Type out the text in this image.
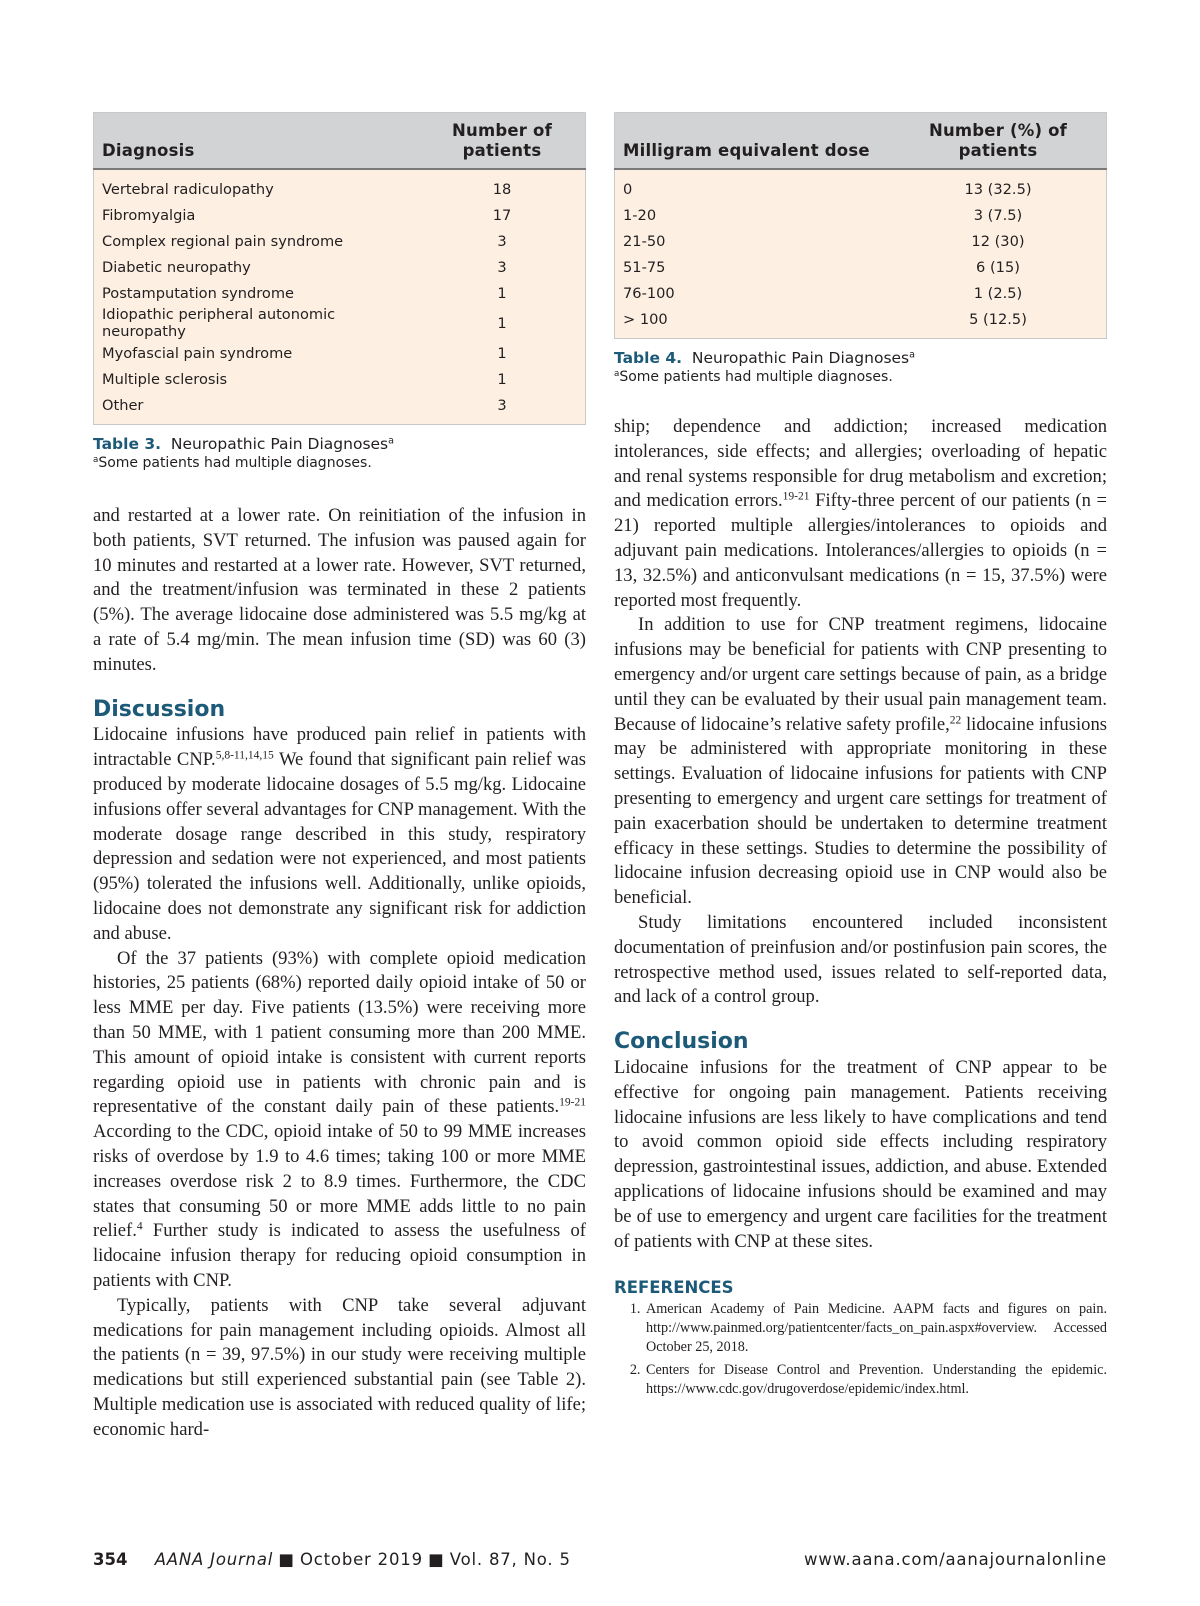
Diagnosis	Number of patients
Vertebral radiculopathy	18
Fibromyalgia	17
Complex regional pain syndrome	3
Diabetic neuropathy	3
Postamputation syndrome	1
Idiopathic peripheral autonomic neuropathy	1
Myofascial pain syndrome	1
Multiple sclerosis	1
Other	3
Table 3. Neuropathic Pain Diagnoses$^a$
$^a$Some patients had multiple diagnoses.

and restarted at a lower rate. On reinitiation of the infusion in both patients, SVT returned. The infusion was paused again for 10 minutes and restarted at a lower rate. However, SVT returned, and the treatment/infusion was terminated in these 2 patients (5%). The average lidocaine dose administered was 5.5 mg/kg at a rate of 5.4 mg/min. The mean infusion time (SD) was 60 (3) minutes.

Discussion

Lidocaine infusions have produced pain relief in patients with intractable CNP.$^{5,8-11,14,15}$ We found that significant pain relief was produced by moderate lidocaine dosages of 5.5 mg/kg. Lidocaine infusions offer several advantages for CNP management. With the moderate dosage range described in this study, respiratory depression and sedation were not experienced, and most patients (95%) tolerated the infusions well. Additionally, unlike opioids, lidocaine does not demonstrate any significant risk for addiction and abuse.

Of the 37 patients (93%) with complete opioid medication histories, 25 patients (68%) reported daily opioid intake of 50 or less MME per day. Five patients (13.5%) were receiving more than 50 MME, with 1 patient consuming more than 200 MME. This amount of opioid intake is consistent with current reports regarding opioid use in patients with chronic pain and is representative of the constant daily pain of these patients.$^{19-21}$ According to the CDC, opioid intake of 50 to 99 MME increases risks of overdose by 1.9 to 4.6 times; taking 100 or more MME increases overdose risk 2 to 8.9 times. Furthermore, the CDC states that consuming 50 or more MME adds little to no pain relief.$^4$ Further study is indicated to assess the usefulness of lidocaine infusion therapy for reducing opioid consumption in patients with CNP.

Typically, patients with CNP take several adjuvant medications for pain management including opioids. Almost all the patients (n = 39, 97.5%) in our study were receiving multiple medications but still experienced substantial pain (see Table 2). Multiple medication use is associated with reduced quality of life; economic hard-

Milligram equivalent dose	Number (%) of patients
0	13 (32.5)
1-20	3 (7.5)
21-50	12 (30)
51-75	6 (15)
76-100	1 (2.5)
> 100	5 (12.5)
Table 4. Neuropathic Pain Diagnoses$^a$
$^a$Some patients had multiple diagnoses.

ship; dependence and addiction; increased medication intolerances, side effects; and allergies; overloading of hepatic and renal systems responsible for drug metabolism and excretion; and medication errors.$^{19-21}$ Fifty-three percent of our patients (n = 21) reported multiple allergies/intolerances to opioids and adjuvant pain medications. Intolerances/allergies to opioids (n = 13, 32.5%) and anticonvulsant medications (n = 15, 37.5%) were reported most frequently.

In addition to use for CNP treatment regimens, lidocaine infusions may be beneficial for patients with CNP presenting to emergency and/or urgent care settings because of pain, as a bridge until they can be evaluated by their usual pain management team. Because of lidocaine’s relative safety profile,$^{22}$ lidocaine infusions may be administered with appropriate monitoring in these settings. Evaluation of lidocaine infusions for patients with CNP presenting to emergency and urgent care settings for treatment of pain exacerbation should be undertaken to determine treatment efficacy in these settings. Studies to determine the possibility of lidocaine infusion decreasing opioid use in CNP would also be beneficial.

Study limitations encountered included inconsistent documentation of preinfusion and/or postinfusion pain scores, the retrospective method used, issues related to self-reported data, and lack of a control group.

Conclusion

Lidocaine infusions for the treatment of CNP appear to be effective for ongoing pain management. Patients receiving lidocaine infusions are less likely to have complications and tend to avoid common opioid side effects including respiratory depression, gastrointestinal issues, addiction, and abuse. Extended applications of lidocaine infusions should be examined and may be of use to emergency and urgent care facilities for the treatment of patients with CNP at these sites.

REFERENCES
1. American Academy of Pain Medicine. AAPM facts and figures on pain. http://www.painmed.org/patientcenter/facts_on_pain.aspx#overview. Accessed October 25, 2018.
2. Centers for Disease Control and Prevention. Understanding the epidemic. https://www.cdc.gov/drugoverdose/epidemic/index.html.
354 AANA Journal ■ October 2019 ■ Vol. 87, No. 5	www.aana.com/aanajournalonline
